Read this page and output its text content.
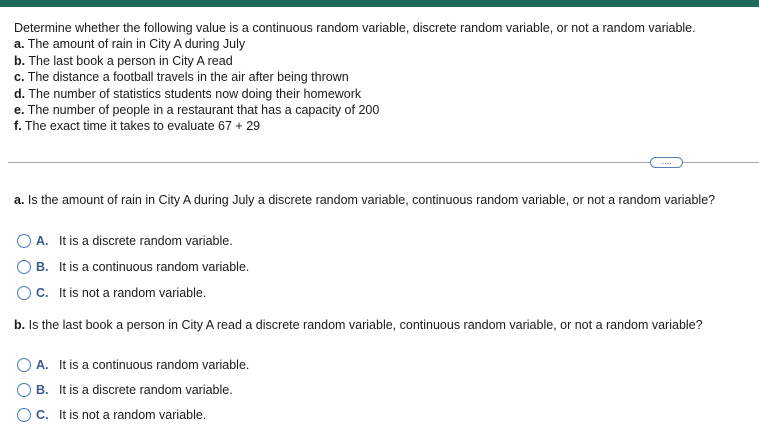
Determine whether the following value is a continuous random variable, discrete random variable, or not a random variable.
a. The amount of rain in City A during July
b. The last book a person in City A read
c. The distance a football travels in the air after being thrown
d. The number of statistics students now doing their homework
e. The number of people in a restaurant that has a capacity of 200
f. The exact time it takes to evaluate 67 + 29
....
a. Is the amount of rain in City A during July a discrete random variable, continuous random variable, or not a random variable?
A. It is a discrete random variable.
B. It is a continuous random variable.
C. It is not a random variable.
b. Is the last book a person in City A read a discrete random variable, continuous random variable, or not a random variable?
A. It is a continuous random variable.
B. It is a discrete random variable.
C. It is not a random variable.
